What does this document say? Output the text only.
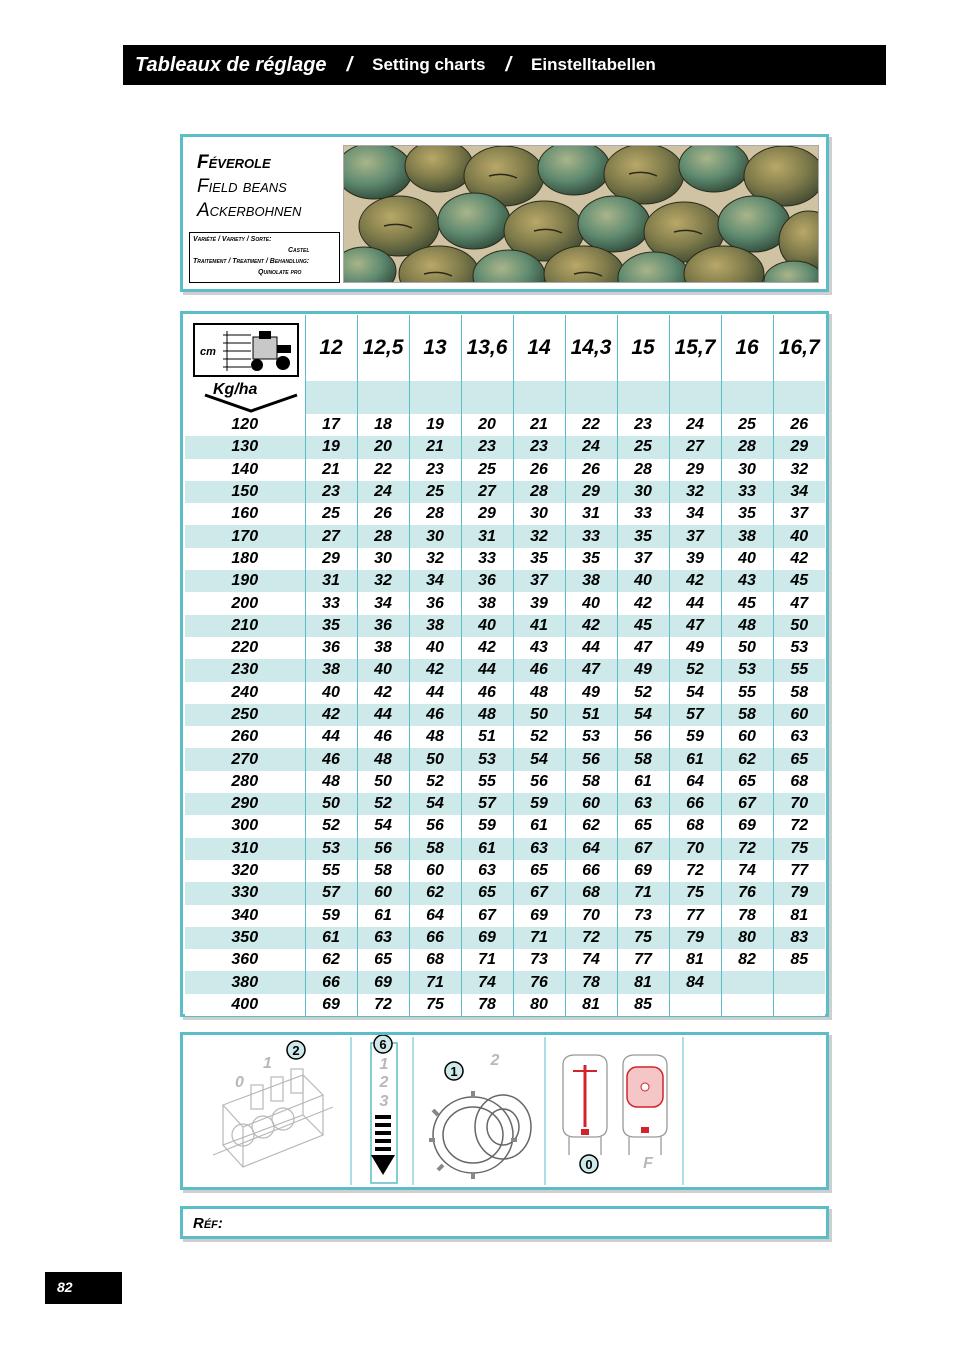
Tableaux de réglage / Setting charts / Einstelltabellen
Féverole
Field beans
Ackerbohnen
Variété / Variety / Sorte:
Castel
Traitement / Treatment / Behandlung:
Quinolate pro
cm	12	12,5	13	13,6	14	14,3	15	15,7	16	16,7

Kg/ha										

120	17	18	19	20	21	22	23	24	25	26
130	19	20	21	23	23	24	25	27	28	29
140	21	22	23	25	26	26	28	29	30	32
150	23	24	25	27	28	29	30	32	33	34
160	25	26	28	29	30	31	33	34	35	37
170	27	28	30	31	32	33	35	37	38	40
180	29	30	32	33	35	35	37	39	40	42
190	31	32	34	36	37	38	40	42	43	45
200	33	34	36	38	39	40	42	44	45	47
210	35	36	38	40	41	42	45	47	48	50
220	36	38	40	42	43	44	47	49	50	53
230	38	40	42	44	46	47	49	52	53	55
240	40	42	44	46	48	49	52	54	55	58
250	42	44	46	48	50	51	54	57	58	60
260	44	46	48	51	52	53	56	59	60	63
270	46	48	50	53	54	56	58	61	62	65
280	48	50	52	55	56	58	61	64	65	68
290	50	52	54	57	59	60	63	66	67	70
300	52	54	56	59	61	62	65	68	69	72
310	53	56	58	61	63	64	67	70	72	75
320	55	58	60	63	65	66	69	72	74	77
330	57	60	62	65	67	68	71	75	76	79
340	59	61	64	67	69	70	73	77	78	81
350	61	63	66	69	71	72	75	79	80	83
360	62	65	68	71	73	74	77	81	82	85
380	66	69	71	74	76	78	81	84		
400	69	72	75	78	80	81	85			
0
1
2	6
1
2
3
1
2
0	F
Réf:
82
